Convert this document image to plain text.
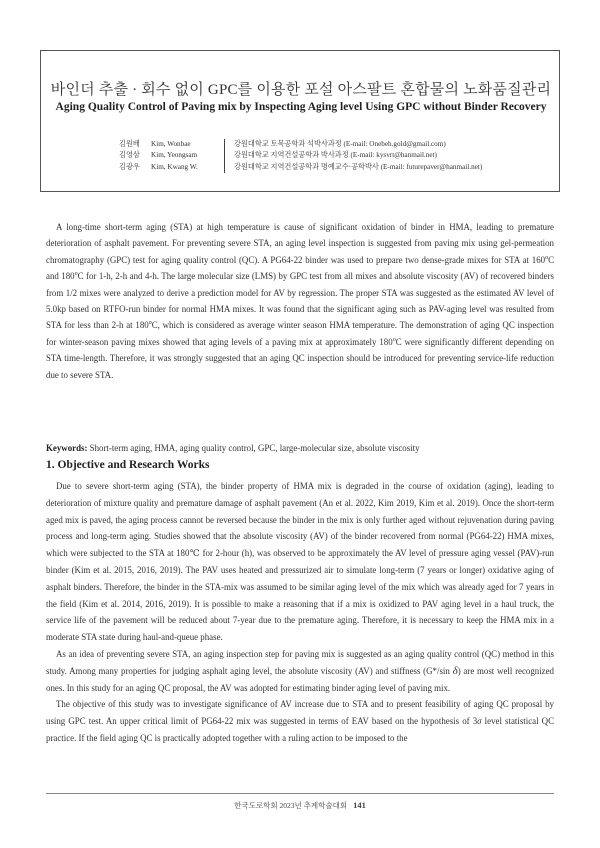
바인더 추출 · 회수 없이 GPC를 이용한 포설 아스팔트 혼합물의 노화품질관리
Aging Quality Control of Paving mix by Inspecting Aging level Using GPC without Binder Recovery
김원배	Kim, Wonbae	강원대학교 토목공학과 석박사과정 (E-mail: Onebeh.gold@gmail.com)
김영삼	Kim, Yeongsam	강원대학교 지역건설공학과 박사과정 (E-mail: kysvrt@hanmail.net)
김광우	Kim, Kwang W.	강원대학교 지역건설공학과 명예교수·공학박사 (E-mail: futurepaver@hanmail.net)

A long-time short-term aging (STA) at high temperature is cause of significant oxidation of binder in HMA, leading to premature deterioration of asphalt pavement. For preventing severe STA, an aging level inspection is suggested from paving mix using gel-permeation chromatography (GPC) test for aging quality control (QC). A PG64-22 binder was used to prepare two dense-grade mixes for STA at 160$^o$C and 180$^o$C for 1-h, 2-h and 4-h. The large molecular size (LMS) by GPC test from all mixes and absolute viscosity (AV) of recovered binders from 1/2 mixes were analyzed to derive a prediction model for AV by regression. The proper STA was suggested as the estimated AV level of 5.0kp based on RTFO-run binder for normal HMA mixes. It was found that the significant aging such as PAV-aging level was resulted from STA for less than 2-h at 180$^o$C, which is considered as average winter season HMA temperature. The demonstration of aging QC inspection for winter-season paving mixes showed that aging levels of a paving mix at approximately 180$^o$C were significantly different depending on STA time-length. Therefore, it was strongly suggested that an aging QC inspection should be introduced for preventing service-life reduction due to severe STA.

Keywords: Short-term aging, HMA, aging quality control, GPC, large-molecular size, absolute viscosity
1. Objective and Research Works

Due to severe short-term aging (STA), the binder property of HMA mix is degraded in the course of oxidation (aging), leading to deterioration of mixture quality and premature damage of asphalt pavement (An et al. 2022, Kim 2019, Kim et al. 2019). Once the short-term aged mix is paved, the aging process cannot be reversed because the binder in the mix is only further aged without rejuvenation during paving process and long-term aging. Studies showed that the absolute viscosity (AV) of the binder recovered from normal (PG64-22) HMA mixes, which were subjected to the STA at 180℃ for 2-hour (h), was observed to be approximately the AV level of pressure aging vessel (PAV)-run binder (Kim et al. 2015, 2016, 2019). The PAV uses heated and pressurized air to simulate long-term (7 years or longer) oxidative aging of asphalt binders. Therefore, the binder in the STA-mix was assumed to be similar aging level of the mix which was already aged for 7 years in the field (Kim et al. 2014, 2016, 2019). It is possible to make a reasoning that if a mix is oxidized to PAV aging level in a haul truck, the service life of the pavement will be reduced about 7-year due to the premature aging. Therefore, it is necessary to keep the HMA mix in a moderate STA state during haul-and-queue phase.

As an idea of preventing severe STA, an aging inspection step for paving mix is suggested as an aging quality control (QC) method in this study. Among many properties for judging asphalt aging level, the absolute viscosity (AV) and stiffness (G*/sin δ) are most well recognized ones. In this study for an aging QC proposal, the AV was adopted for estimating binder aging level of paving mix.

The objective of this study was to investigate significance of AV increase due to STA and to present feasibility of aging QC proposal by using GPC test. An upper critical limit of PG64-22 mix was suggested in terms of EAV based on the hypothesis of 3σ level statistical QC practice. If the field aging QC is practically adopted together with a ruling action to be imposed to the

한국도로학회 2023년 추계학술대회 141
